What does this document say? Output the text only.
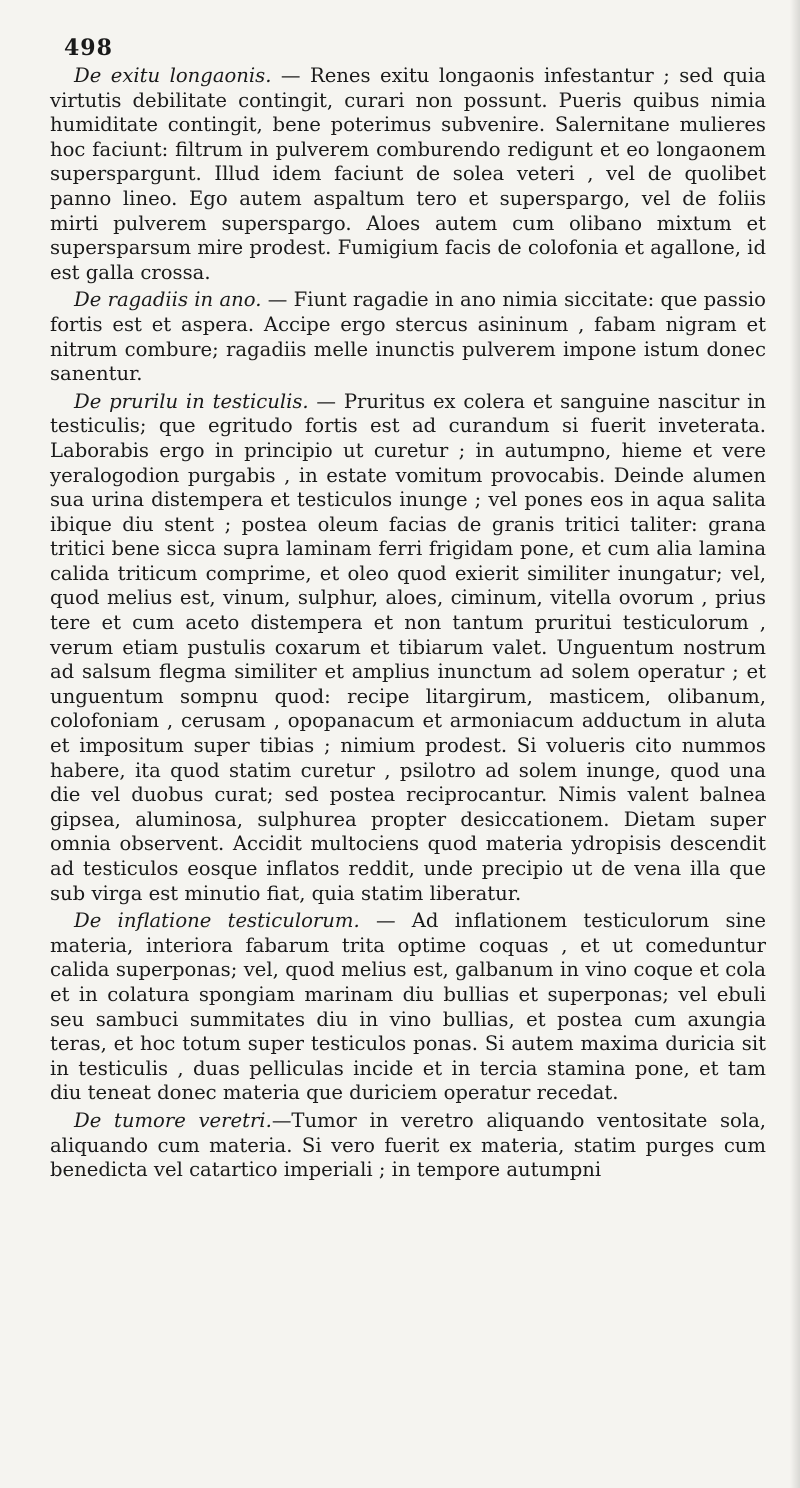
498

De exitu longaonis. — Renes exitu longaonis infestantur ; sed quia virtutis debilitate contingit, curari non possunt. Pueris quibus nimia humiditate contingit, bene poterimus subvenire. Salernitane mulieres hoc faciunt: filtrum in pulverem comburendo redigunt et eo longaonem superspargunt. Illud idem faciunt de solea veteri , vel de quolibet panno lineo. Ego autem aspaltum tero et superspargo, vel de foliis mirti pulverem superspargo. Aloes autem cum olibano mixtum et supersparsum mire prodest. Fumigium facis de colofonia et agallone, id est galla crossa.

De ragadiis in ano. — Fiunt ragadie in ano nimia siccitate: que passio fortis est et aspera. Accipe ergo stercus asininum , fabam nigram et nitrum combure; ragadiis melle inunctis pulverem impone istum donec sanentur.

De prurilu in testiculis. — Pruritus ex colera et sanguine nascitur in testiculis; que egritudo fortis est ad curandum si fuerit inveterata. Laborabis ergo in principio ut curetur ; in autumpno, hieme et vere yeralogodion purgabis , in estate vomitum provocabis. Deinde alumen sua urina distempera et testiculos inunge ; vel pones eos in aqua salita ibique diu stent ; postea oleum facias de granis tritici taliter: grana tritici bene sicca supra laminam ferri frigidam pone, et cum alia lamina calida triticum comprime, et oleo quod exierit similiter inungatur; vel, quod melius est, vinum, sulphur, aloes, ciminum, vitella ovorum , prius tere et cum aceto distempera et non tantum pruritui testiculorum , verum etiam pustulis coxarum et tibiarum valet. Unguentum nostrum ad salsum flegma similiter et amplius inunctum ad solem operatur ; et unguentum sompnu quod: recipe litargirum, masticem, olibanum, colofoniam , cerusam , opopanacum et armoniacum adductum in aluta et impositum super tibias ; nimium prodest. Si volueris cito nummos habere, ita quod statim curetur , psilotro ad solem inunge, quod una die vel duobus curat; sed postea reciprocantur. Nimis valent balnea gipsea, aluminosa, sulphurea propter desiccationem. Dietam super omnia observent. Accidit multociens quod materia ydropisis descendit ad testiculos eosque inflatos reddit, unde precipio ut de vena illa que sub virga est minutio fiat, quia statim liberatur.

De inflatione testiculorum. — Ad inflationem testiculorum sine materia, interiora fabarum trita optime coquas , et ut comeduntur calida superponas; vel, quod melius est, galbanum in vino coque et cola et in colatura spongiam marinam diu bullias et superponas; vel ebuli seu sambuci summitates diu in vino bullias, et postea cum axungia teras, et hoc totum super testiculos ponas. Si autem maxima duricia sit in testiculis , duas pelliculas incide et in tercia stamina pone, et tam diu teneat donec materia que duriciem operatur recedat.

De tumore veretri.—Tumor in veretro aliquando ventositate sola, aliquando cum materia. Si vero fuerit ex materia, statim purges cum benedicta vel catartico imperiali ; in tempore autumpni
